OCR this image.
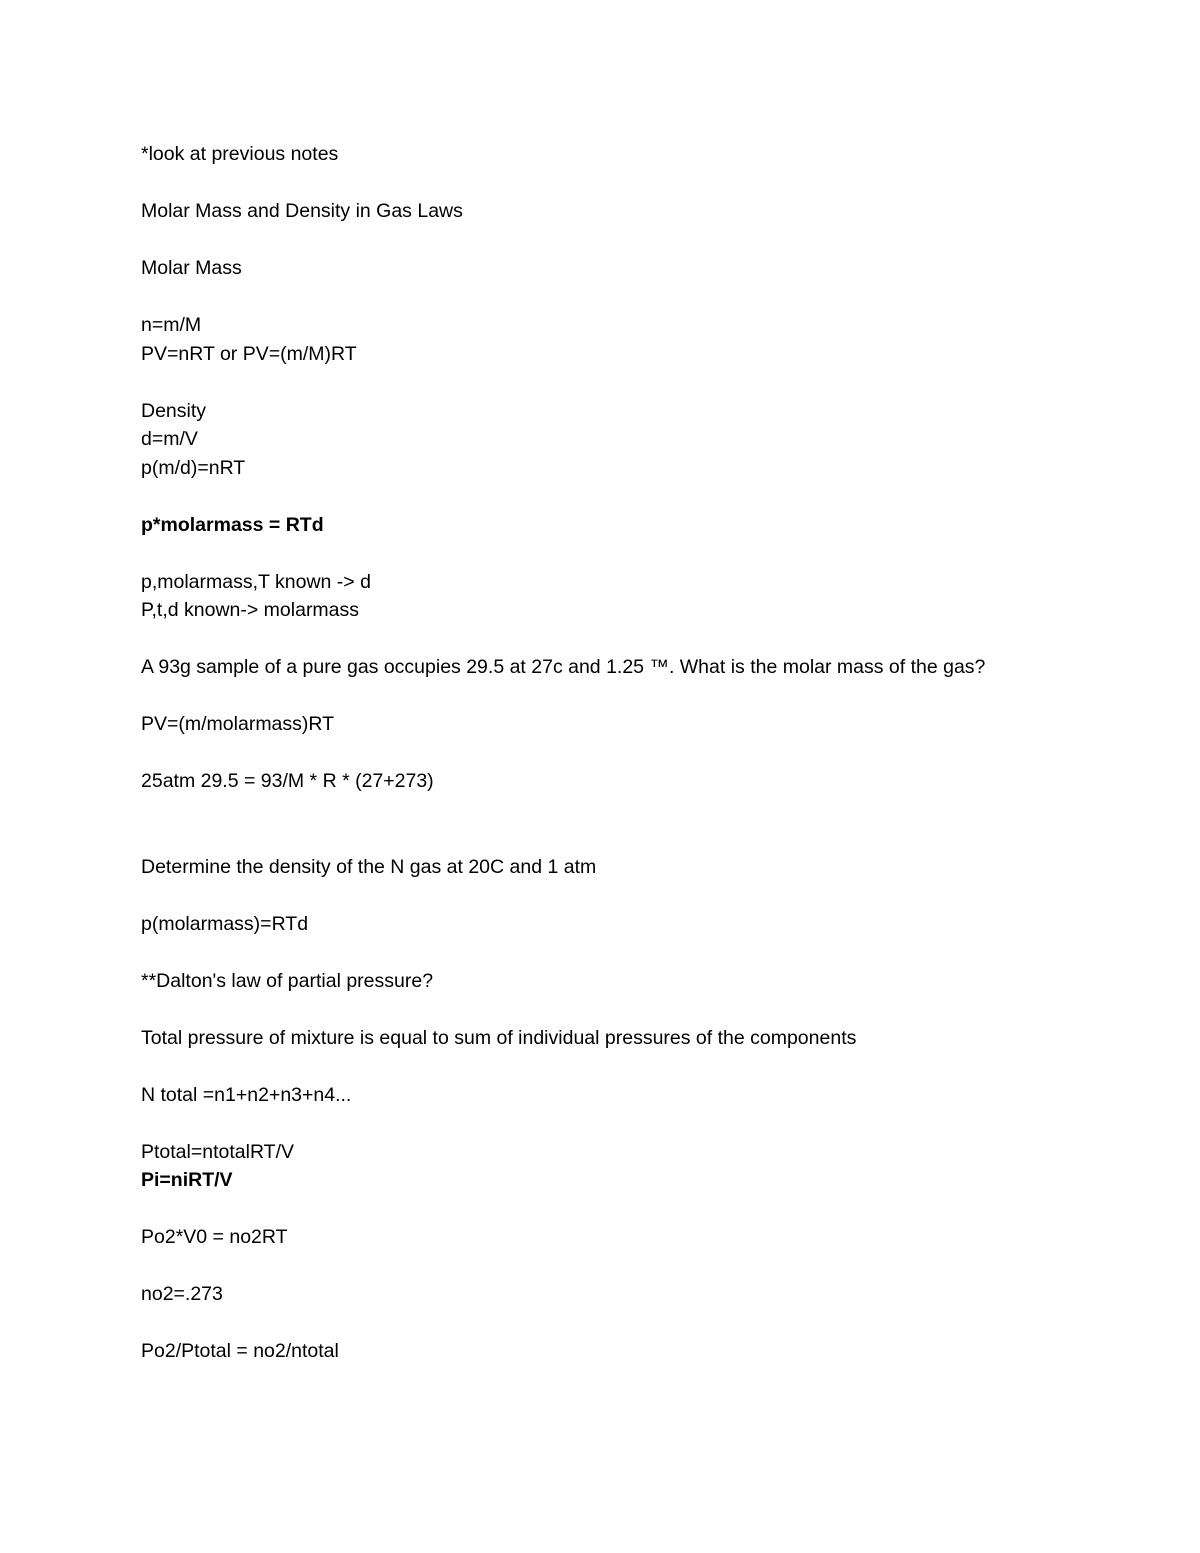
*look at previous notes

Molar Mass and Density in Gas Laws

Molar Mass

n=m/M

PV=nRT or PV=(m/M)RT

Density

d=m/V

p(m/d)=nRT

p*molarmass = RTd

p,molarmass,T known -> d

P,t,d known-> molarmass

A 93g sample of a pure gas occupies 29.5 at 27c and 1.25 ™. What is the molar mass of the gas?

PV=(m/molarmass)RT

25atm 29.5 = 93/M * R * (27+273)

Determine the density of the N gas at 20C and 1 atm

p(molarmass)=RTd

**Dalton's law of partial pressure?

Total pressure of mixture is equal to sum of individual pressures of the components

N total =n1+n2+n3+n4...

Ptotal=ntotalRT/V

Pi=niRT/V

Po2*V0 = no2RT

no2=.273

Po2/Ptotal = no2/ntotal
